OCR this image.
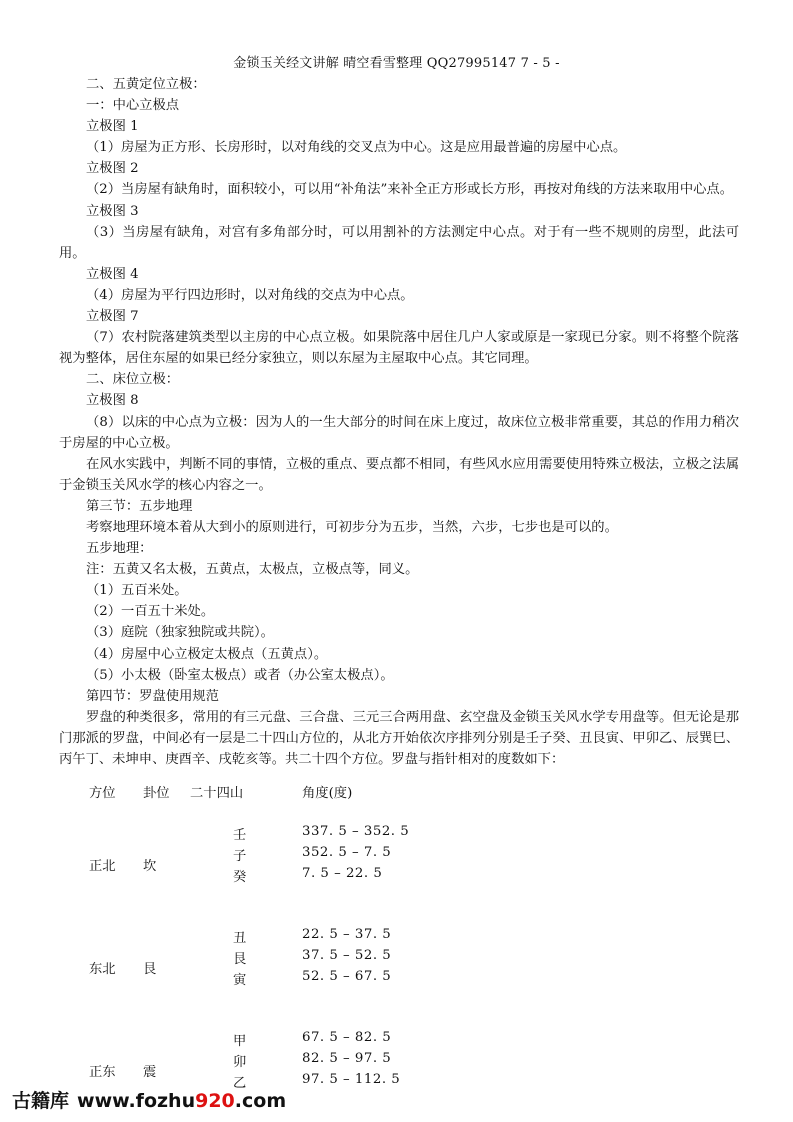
金锁玉关经文讲解 晴空看雪整理 QQ27995147 7 - 5 -
二、五黄定位立极：
一：中心立极点
立极图 1
（1）房屋为正方形、长房形时，以对角线的交叉点为中心。这是应用最普遍的房屋中心点。
立极图 2
（2）当房屋有缺角时，面积较小，可以用“补角法”来补全正方形或长方形，再按对角线的方法来取用中心点。
立极图 3
（3）当房屋有缺角，对宫有多角部分时，可以用割补的方法测定中心点。对于有一些不规则的房型，此法可用。
立极图 4
（4）房屋为平行四边形时，以对角线的交点为中心点。
立极图 7
（7）农村院落建筑类型以主房的中心点立极。如果院落中居住几户人家或原是一家现已分家。则不将整个院落视为整体，居住东屋的如果已经分家独立，则以东屋为主屋取中心点。其它同理。
二、床位立极：
立极图 8
（8）以床的中心点为立极：因为人的一生大部分的时间在床上度过，故床位立极非常重要，其总的作用力稍次于房屋的中心立极。
在风水实践中，判断不同的事情，立极的重点、要点都不相同，有些风水应用需要使用特殊立极法，立极之法属于金锁玉关风水学的核心内容之一。
第三节：五步地理
考察地理环境本着从大到小的原则进行，可初步分为五步，当然，六步，七步也是可以的。
五步地理：
注：五黄又名太极，五黄点，太极点，立极点等，同义。
（1）五百米处。
（2）一百五十米处。
（3）庭院（独家独院或共院）。
（4）房屋中心立极定太极点（五黄点）。
（5）小太极（卧室太极点）或者（办公室太极点）。
第四节：罗盘使用规范
罗盘的种类很多，常用的有三元盘、三合盘、三元三合两用盘、玄空盘及金锁玉关风水学专用盘等。但无论是那门那派的罗盘，中间必有一层是二十四山方位的，从北方开始依次序排列分别是壬子癸、丑艮寅、甲卯乙、辰巽巳、丙午丁、未坤申、庚酉辛、戌乾亥等。共二十四个方位。罗盘与指针相对的度数如下：
方位 卦位 二十四山	角度(度)
正北 坎
壬	337. 5 – 352. 5
子	352. 5 – 7. 5
癸	7. 5 – 22. 5
东北 艮
丑	22. 5 – 37. 5
艮	37. 5 – 52. 5
寅	52. 5 – 67. 5
正东 震
甲	67. 5 – 82. 5
卯	82. 5 – 97. 5
乙	97. 5 – 112. 5
古籍库 www.fozhu920.com
